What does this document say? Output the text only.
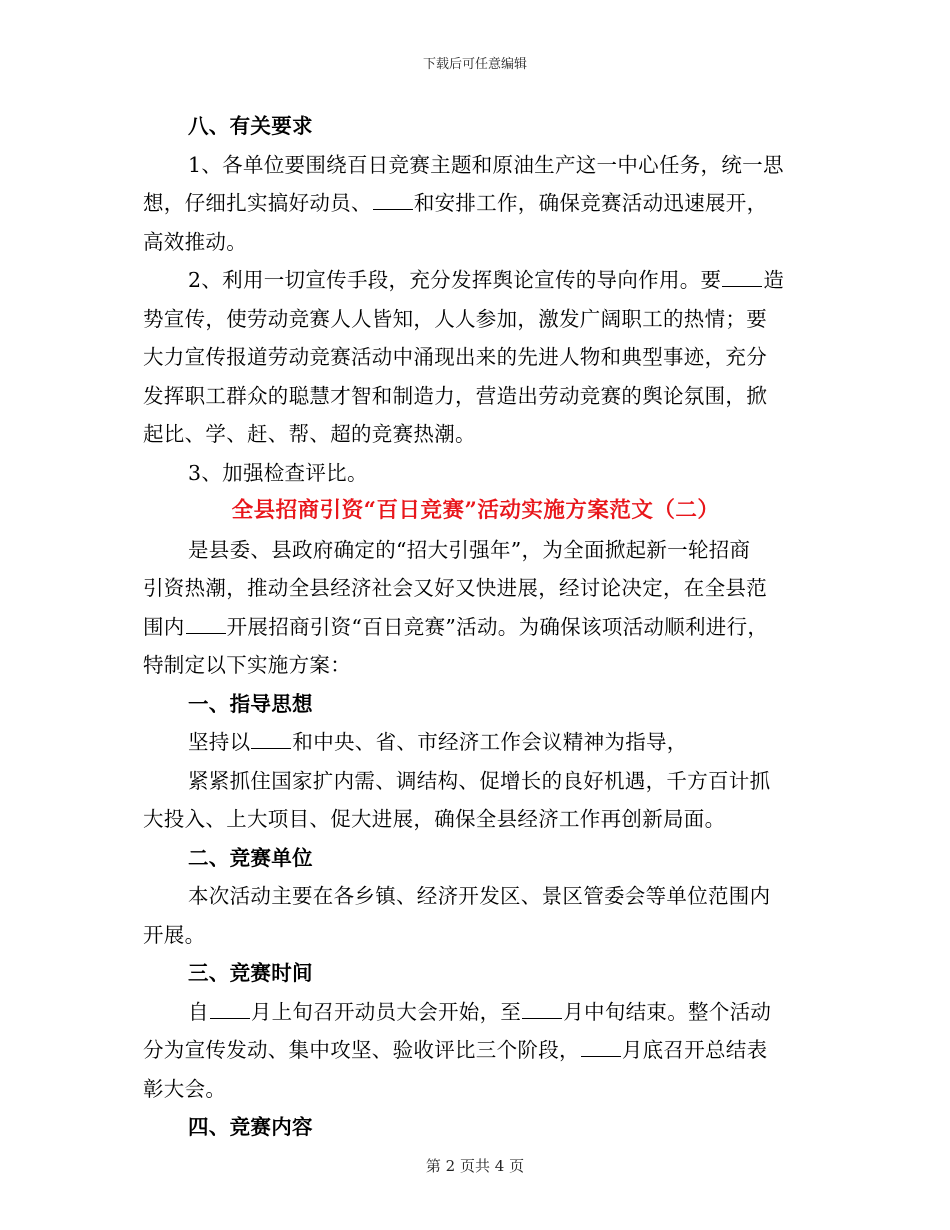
下载后可任意编辑
八、有关要求
1、各单位要围绕百日竞赛主题和原油生产这一中心任务，统一思
想，仔细扎实搞好动员、 和安排工作，确保竞赛活动迅速展开，
高效推动。
2、利用一切宣传手段，充分发挥舆论宣传的导向作用。要 造
势宣传，使劳动竞赛人人皆知，人人参加，激发广阔职工的热情；要
大力宣传报道劳动竞赛活动中涌现出来的先进人物和典型事迹，充分
发挥职工群众的聪慧才智和制造力，营造出劳动竞赛的舆论氛围，掀
起比、学、赶、帮、超的竞赛热潮。
3、加强检查评比。
全县招商引资“百日竞赛”活动实施方案范文（二）
是县委、县政府确定的“招大引强年”，为全面掀起新一轮招商
引资热潮，推动全县经济社会又好又快进展，经讨论决定，在全县范
围内 开展招商引资“百日竞赛”活动。为确保该项活动顺利进行，
特制定以下实施方案：
一、指导思想
坚持以 和中央、省、市经济工作会议精神为指导，
紧紧抓住国家扩内需、调结构、促增长的良好机遇，千方百计抓
大投入、上大项目、促大进展，确保全县经济工作再创新局面。
二、竞赛单位
本次活动主要在各乡镇、经济开发区、景区管委会等单位范围内
开展。
三、竞赛时间
自 月上旬召开动员大会开始，至 月中旬结束。整个活动
分为宣传发动、集中攻坚、验收评比三个阶段， 月底召开总结表
彰大会。
四、竞赛内容
第 2 页共 4 页
